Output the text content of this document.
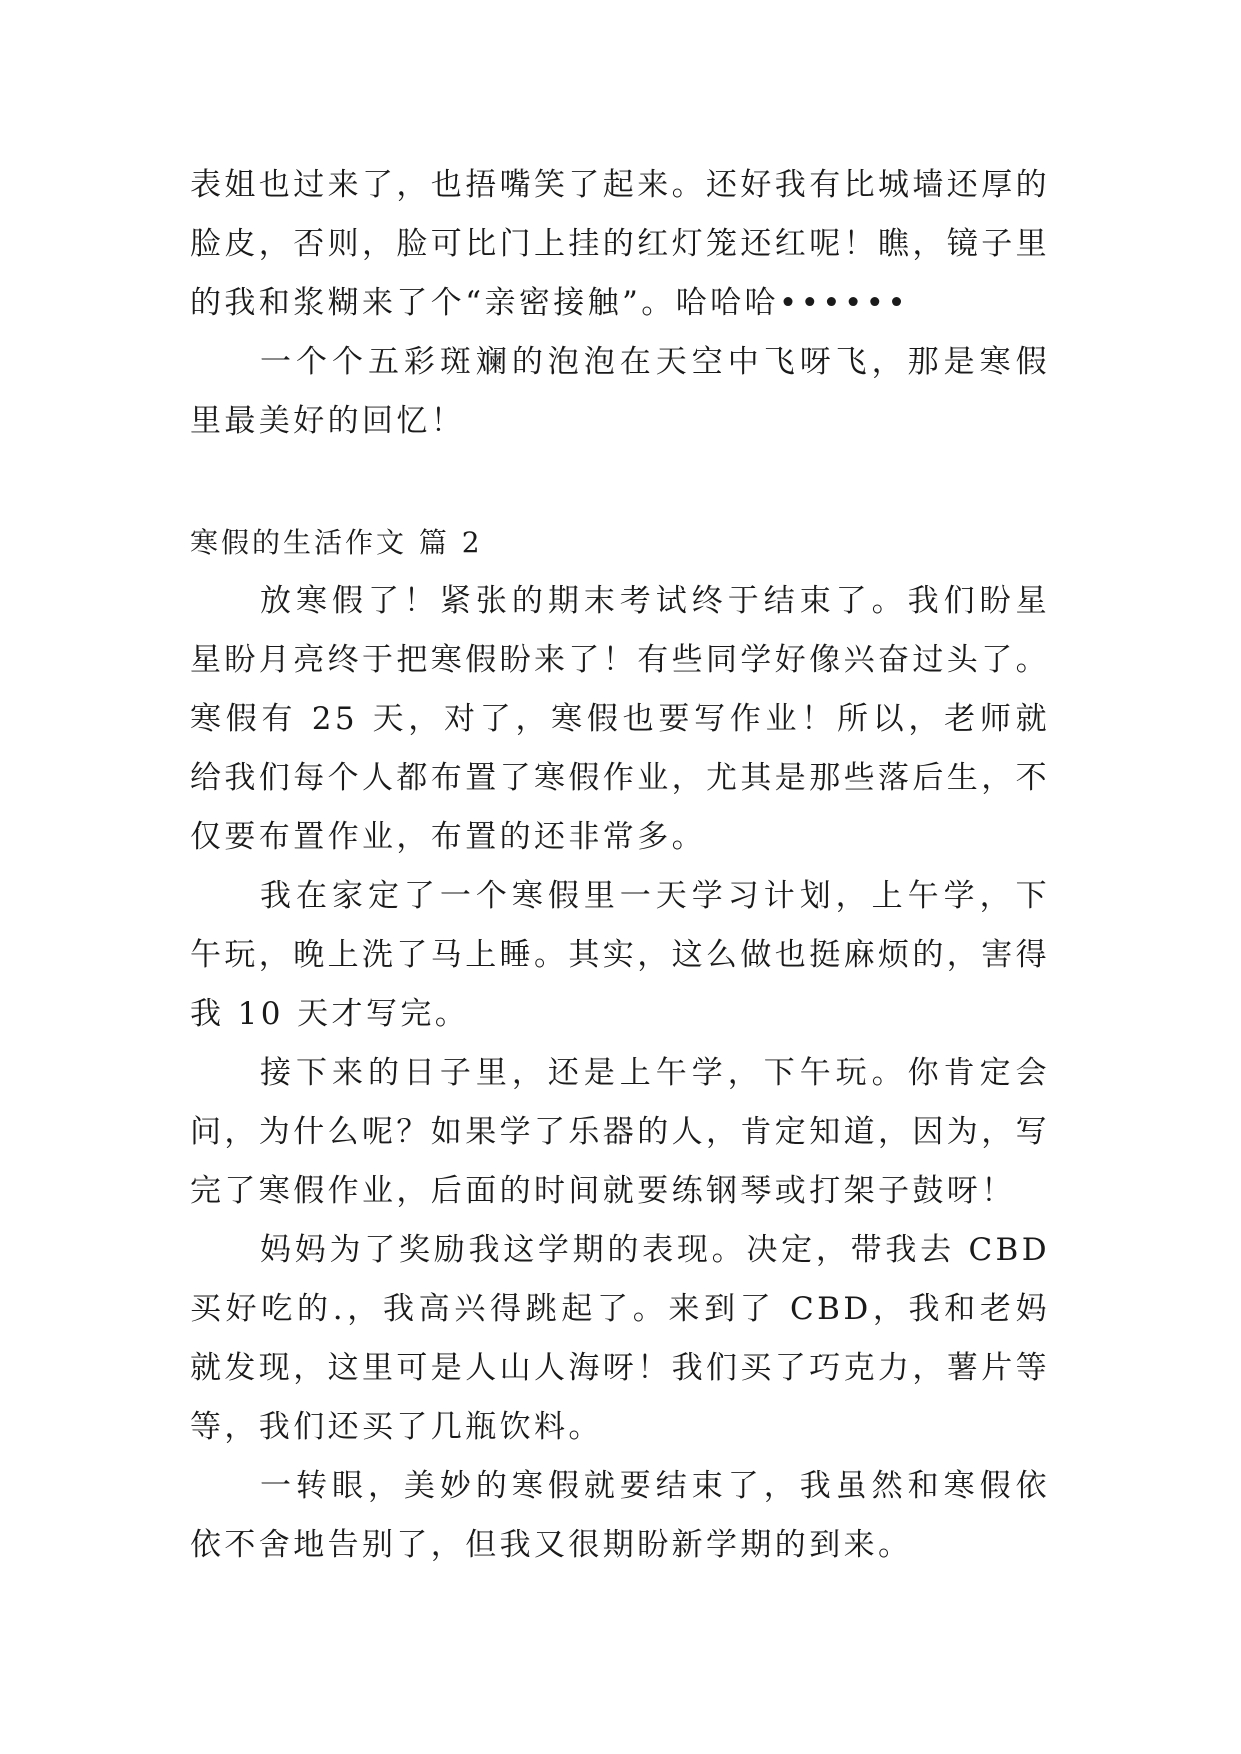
表姐也过来了，也捂嘴笑了起来。还好我有比城墙还厚的脸皮，否则，脸可比门上挂的红灯笼还红呢！瞧，镜子里的我和浆糊来了个“亲密接触”。哈哈哈••••••

一个个五彩斑斓的泡泡在天空中飞呀飞，那是寒假里最美好的回忆！

寒假的生活作文 篇 2

放寒假了！紧张的期末考试终于结束了。我们盼星星盼月亮终于把寒假盼来了！有些同学好像兴奋过头了。寒假有 25 天，对了，寒假也要写作业！所以，老师就给我们每个人都布置了寒假作业，尤其是那些落后生，不仅要布置作业，布置的还非常多。

我在家定了一个寒假里一天学习计划，上午学，下午玩，晚上洗了马上睡。其实，这么做也挺麻烦的，害得我 10 天才写完。

接下来的日子里，还是上午学，下午玩。你肯定会问，为什么呢？如果学了乐器的人，肯定知道，因为，写完了寒假作业，后面的时间就要练钢琴或打架子鼓呀！

妈妈为了奖励我这学期的表现。决定，带我去 CBD 买好吃的.，我高兴得跳起了。来到了 CBD，我和老妈就发现，这里可是人山人海呀！我们买了巧克力，薯片等等，我们还买了几瓶饮料。

一转眼，美妙的寒假就要结束了，我虽然和寒假依依不舍地告别了，但我又很期盼新学期的到来。
